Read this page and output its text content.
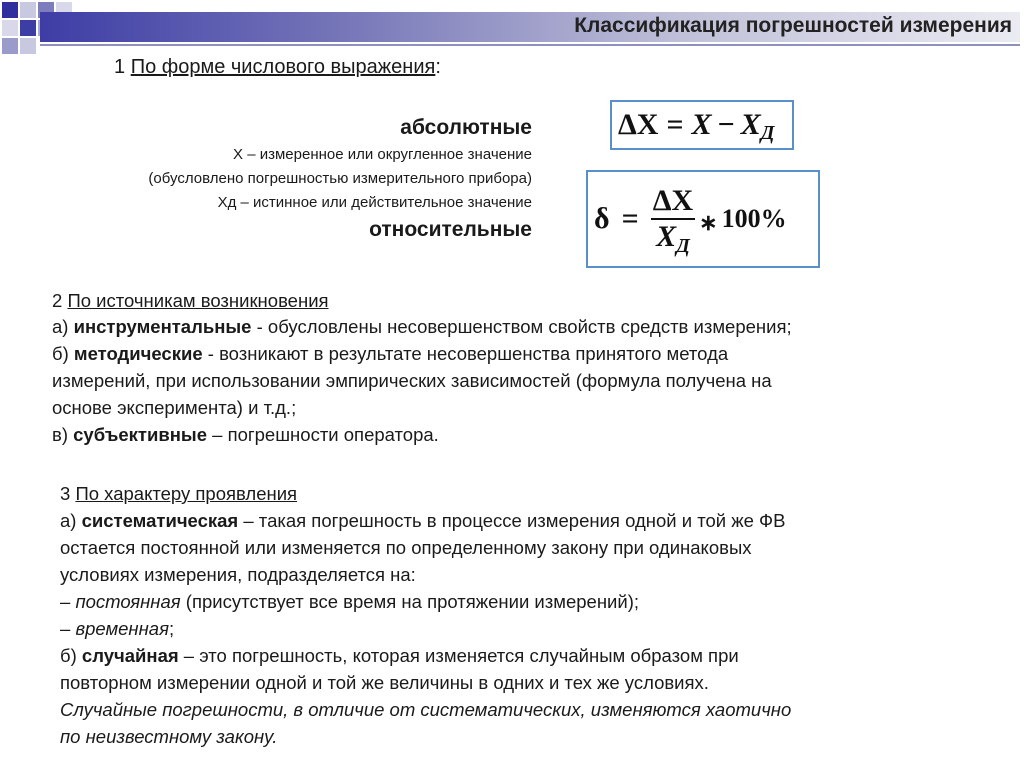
Классификация погрешностей измерения
1 По форме числового выражения:
абсолютные
Х – измеренное или округленное значение
(обусловлено погрешностью измерительного прибора)
Хд – истинное или действительное значение
относительные
ΔX = X − X Д
δ =
ΔX
$X_Д$
∗ 100%
2 По источникам возникновения
а) инструментальные - обусловлены несовершенством свойств средств измерения;
б) методические - возникают в результате несовершенства принятого метода
измерений, при использовании эмпирических зависимостей (формула получена на
основе эксперимента) и т.д.;
в) субъективные – погрешности оператора.
3 По характеру проявления
а) систематическая – такая погрешность в процессе измерения одной и той же ФВ
остается постоянной или изменяется по определенному закону при одинаковых
условиях измерения, подразделяется на:
– постоянная (присутствует все время на протяжении измерений);
– временная;
б) случайная – это погрешность, которая изменяется случайным образом при
повторном измерении одной и той же величины в одних и тех же условиях.
Случайные погрешности, в отличие от систематических, изменяются хаотично
по неизвестному закону.
